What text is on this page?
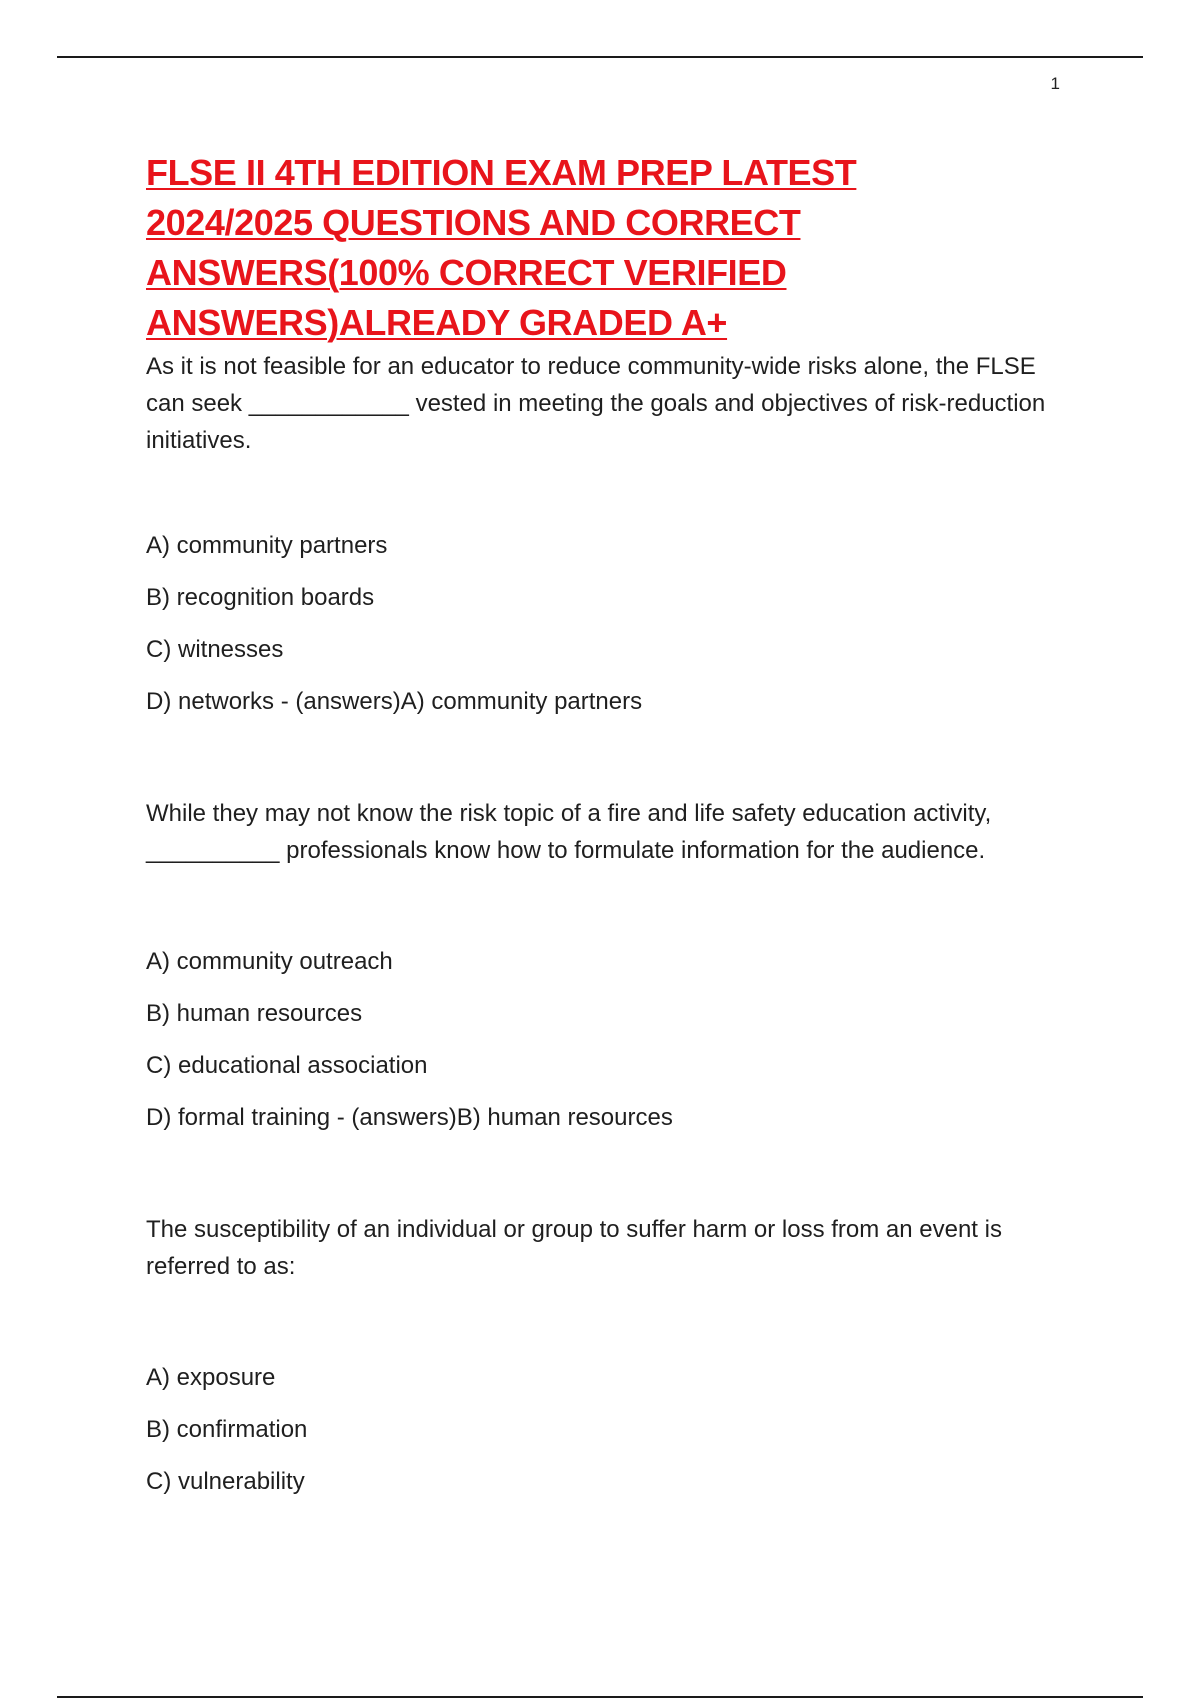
1
FLSE II 4TH EDITION EXAM PREP LATEST
2024/2025 QUESTIONS AND CORRECT
ANSWERS(100% CORRECT VERIFIED
ANSWERS)ALREADY GRADED A+

As it is not feasible for an educator to reduce community-wide risks alone, the FLSE can seek ____________ vested in meeting the goals and objectives of risk-reduction initiatives.

A) community partners
B) recognition boards
C) witnesses
D) networks - (answers)A) community partners

While they may not know the risk topic of a fire and life safety education activity, __________ professionals know how to formulate information for the audience.

A) community outreach
B) human resources
C) educational association
D) formal training - (answers)B) human resources

The susceptibility of an individual or group to suffer harm or loss from an event is referred to as:

A) exposure
B) confirmation
C) vulnerability
